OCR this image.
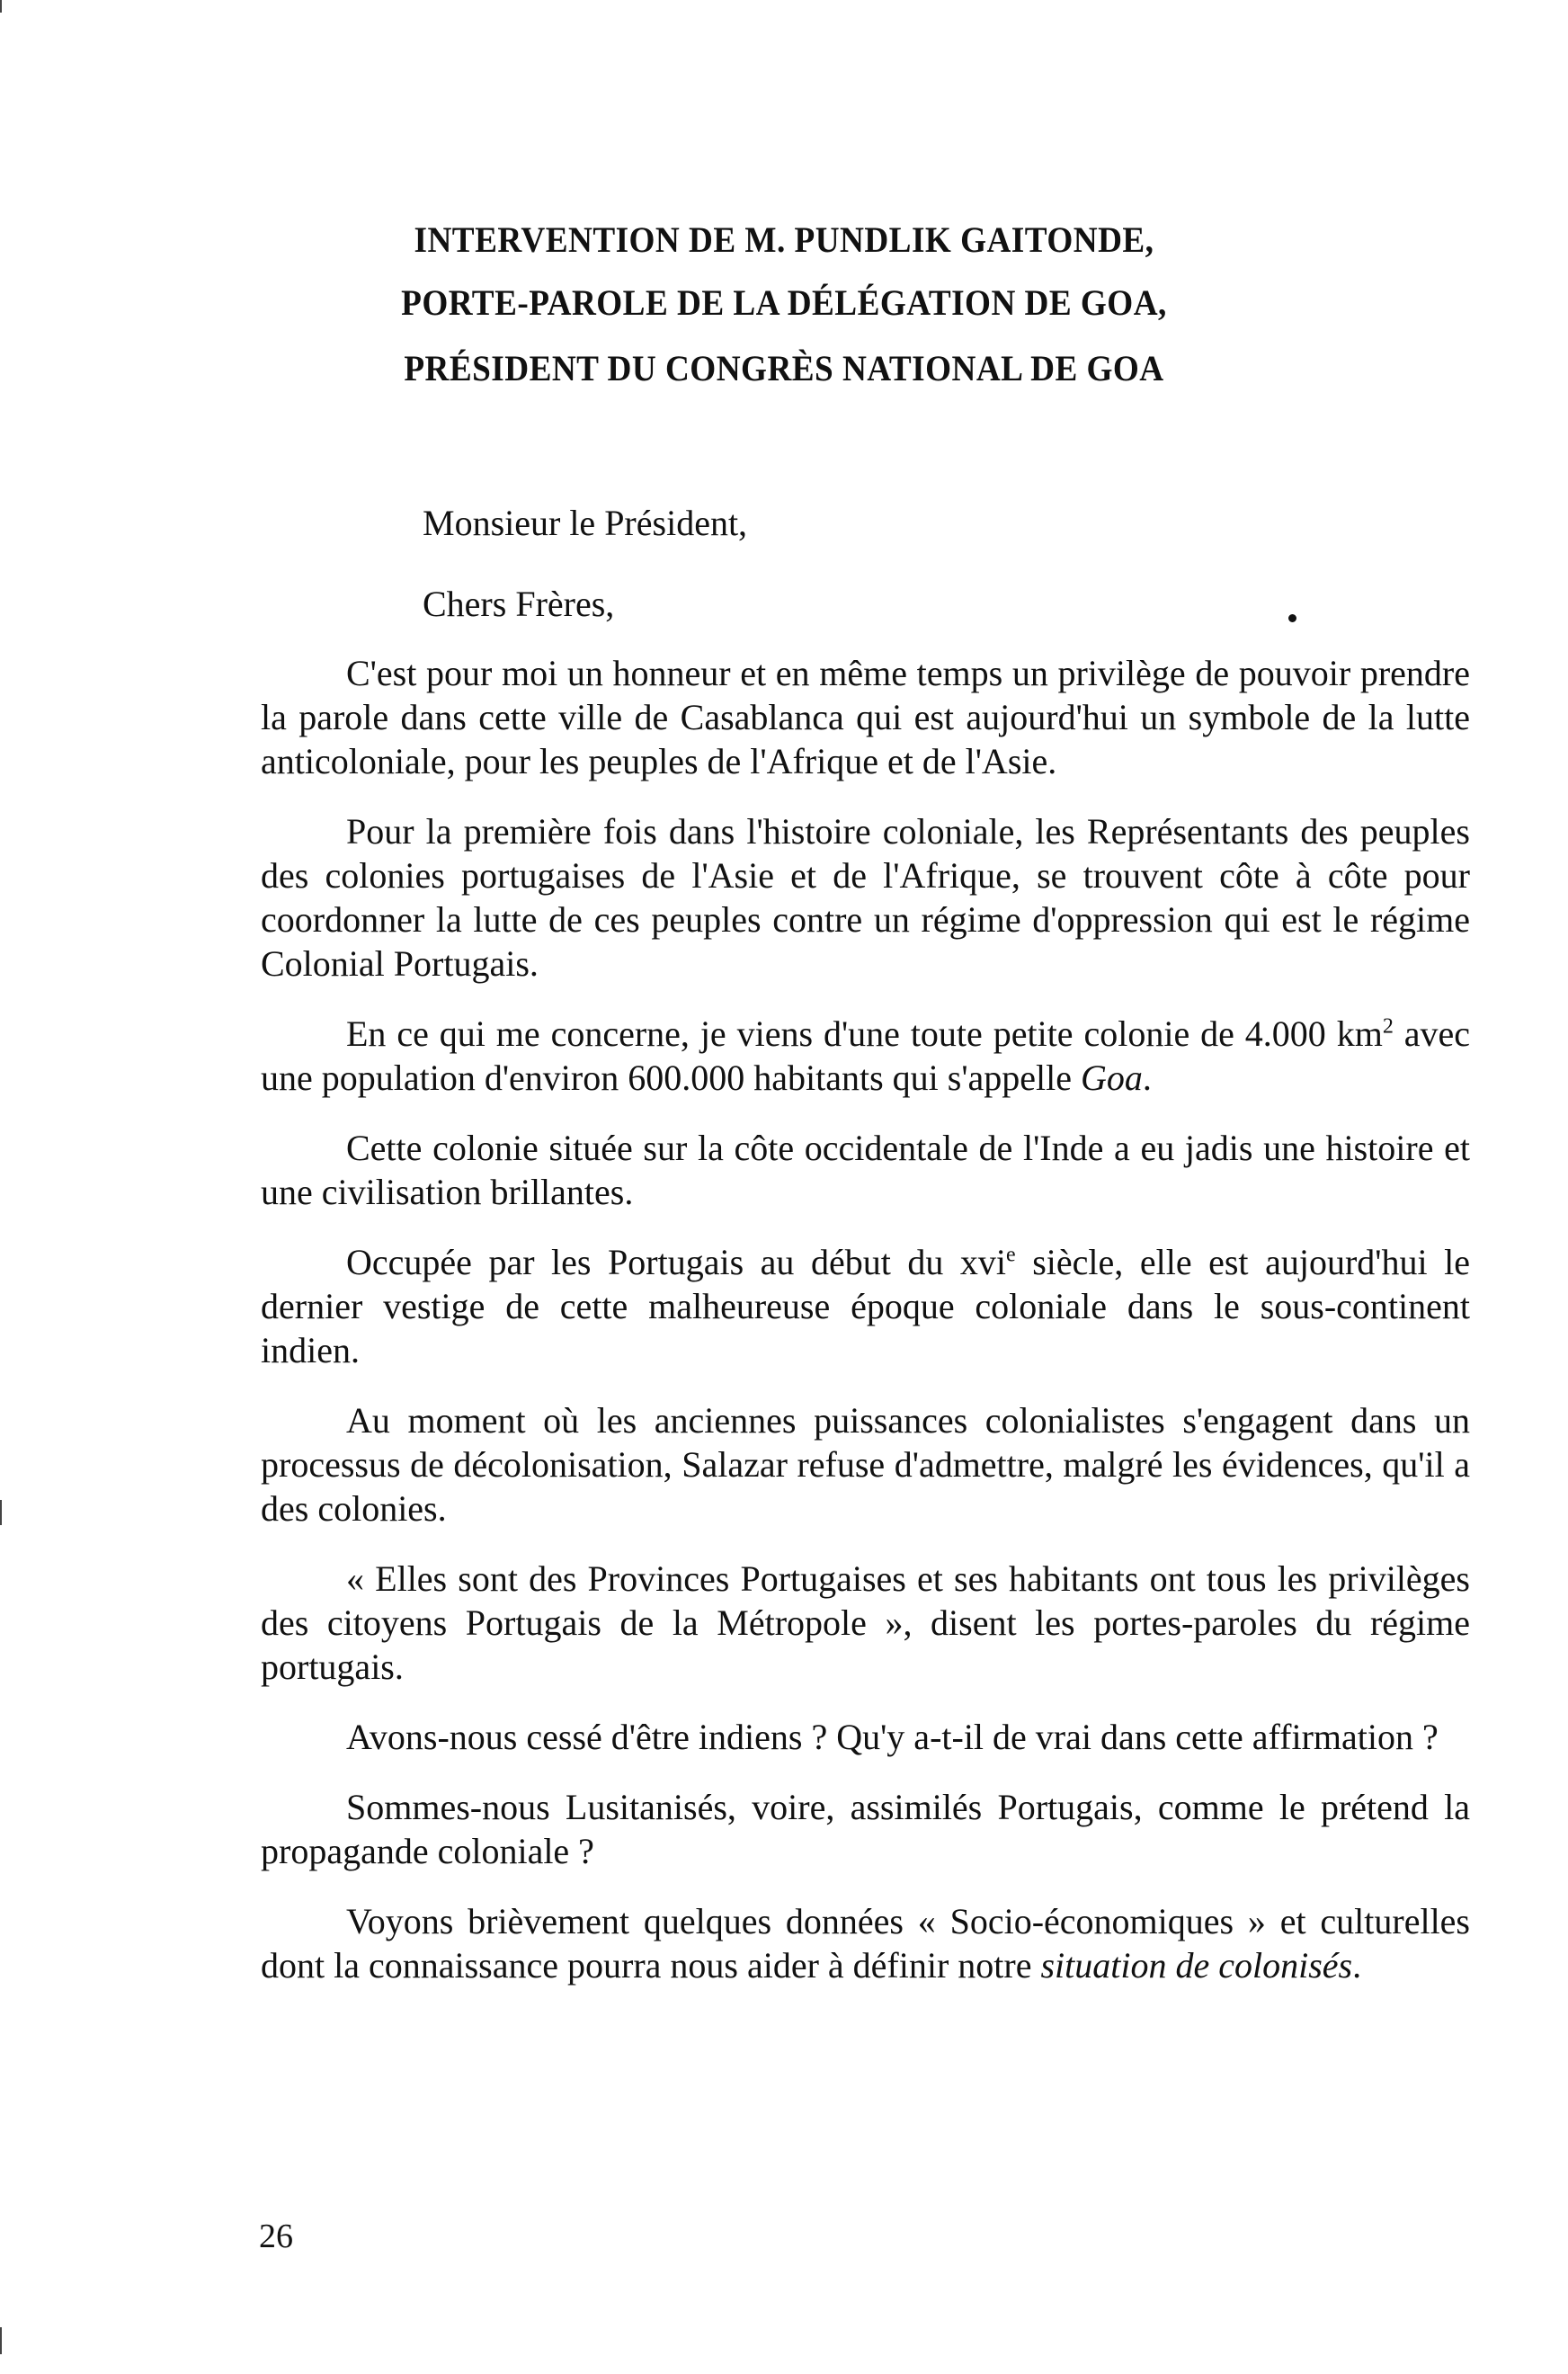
INTERVENTION DE M. PUNDLIK GAITONDE,
PORTE-PAROLE DE LA DÉLÉGATION DE GOA,
PRÉSIDENT DU CONGRÈS NATIONAL DE GOA
Monsieur le Président,
Chers Frères,

C'est pour moi un honneur et en même temps un privilège de pouvoir prendre la parole dans cette ville de Casablanca qui est aujourd'hui un symbole de la lutte anticoloniale, pour les peuples de l'Afrique et de l'Asie.

Pour la première fois dans l'histoire coloniale, les Représentants des peuples des colonies portugaises de l'Asie et de l'Afrique, se trouvent côte à côte pour coordonner la lutte de ces peuples contre un régime d'oppression qui est le régime Colonial Portugais.

En ce qui me concerne, je viens d'une toute petite colonie de 4.000 $km^2$ avec une population d'environ 600.000 habitants qui s'appelle Goa.

Cette colonie située sur la côte occidentale de l'Inde a eu jadis une histoire et une civilisation brillantes.

Occupée par les Portugais au début du xvi$^e$ siècle, elle est aujourd'hui le dernier vestige de cette malheureuse époque coloniale dans le sous-continent indien.

Au moment où les anciennes puissances colonialistes s'engagent dans un processus de décolonisation, Salazar refuse d'admettre, malgré les évidences, qu'il a des colonies.

« Elles sont des Provinces Portugaises et ses habitants ont tous les privilèges des citoyens Portugais de la Métropole », disent les portes-paroles du régime portugais.

Avons-nous cessé d'être indiens ? Qu'y a-t-il de vrai dans cette affirmation ?

Sommes-nous Lusitanisés, voire, assimilés Portugais, comme le prétend la propagande coloniale ?

Voyons brièvement quelques données « Socio-économiques » et culturelles dont la connaissance pourra nous aider à définir notre situation de colonisés.

26
